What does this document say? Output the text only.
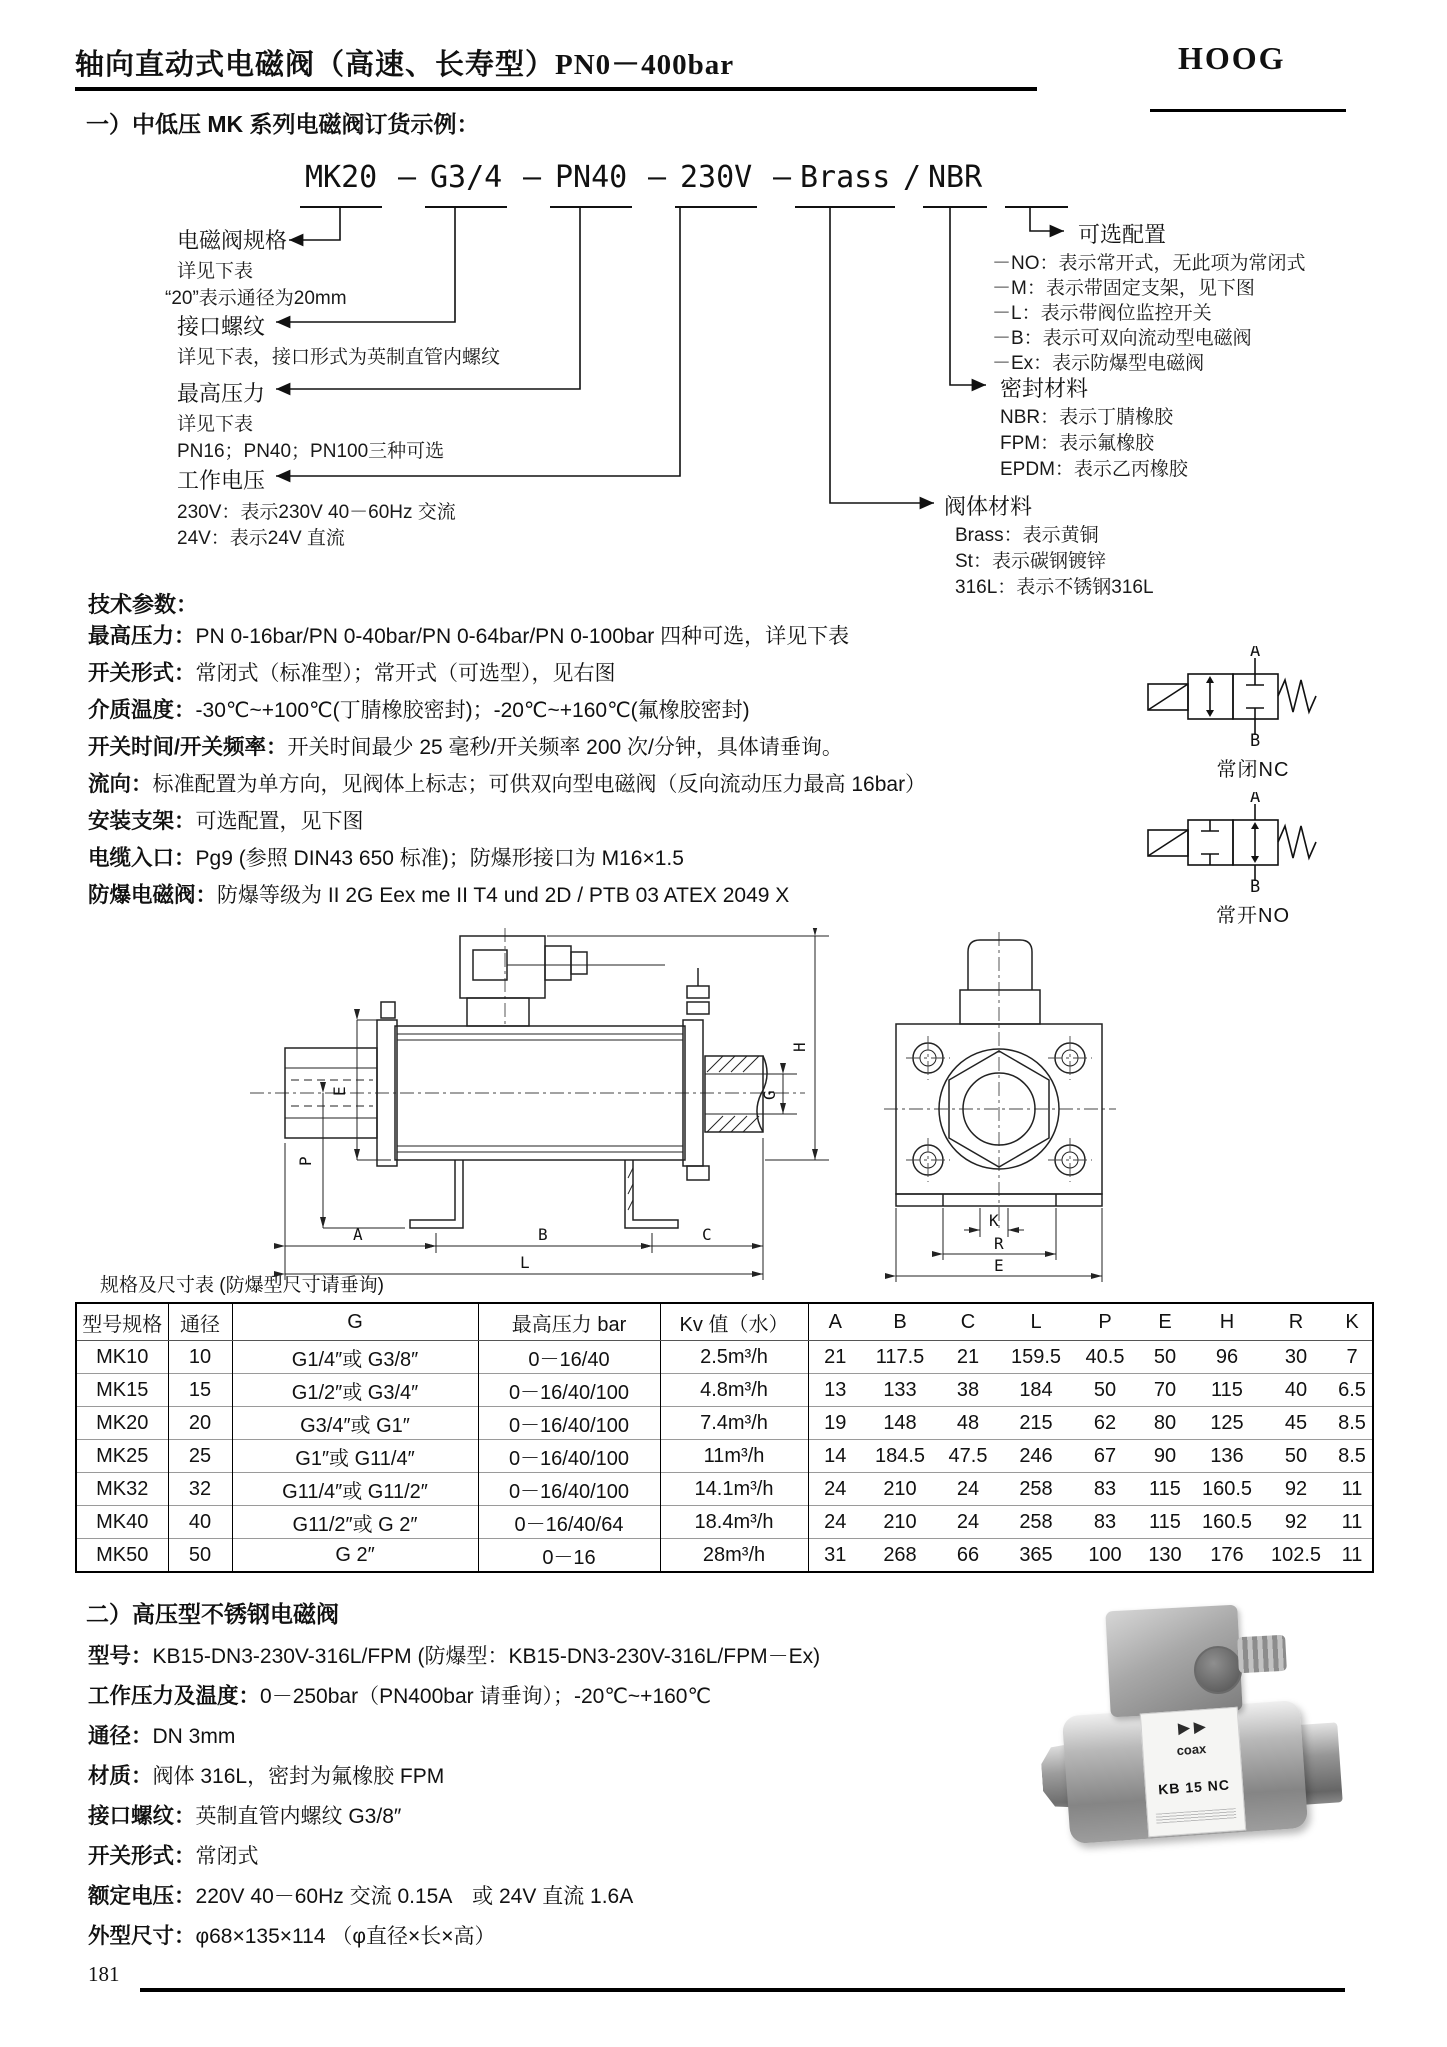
轴向直动式电磁阀（高速、长寿型）PN0－400bar	HOOG
一）中低压 MK 系列电磁阀订货示例：
MK20 – G3/4 – PN40 – 230V – Brass / NBR
电磁阀规格
详见下表
“20”表示通径为20mm
接口螺纹
详见下表，接口形式为英制直管内螺纹
最高压力
详见下表
PN16；PN40；PN100三种可选
工作电压
230V：表示230V 40－60Hz 交流
24V：表示24V 直流
可选配置
－NO：表示常开式，无此项为常闭式
－M：表示带固定支架，见下图
－L：表示带阀位监控开关
－B：表示可双向流动型电磁阀
－Ex：表示防爆型电磁阀
密封材料
NBR：表示丁腈橡胶
FPM：表示氟橡胶
EPDM：表示乙丙橡胶
阀体材料
Brass：表示黄铜
St：表示碳钢镀锌
316L：表示不锈钢316L
技术参数：
最高压力：PN 0-16bar/PN 0-40bar/PN 0-64bar/PN 0-100bar 四种可选，详见下表
开关形式：常闭式（标准型）；常开式（可选型），见右图
介质温度：-30℃~+100℃(丁腈橡胶密封)；-20℃~+160℃(氟橡胶密封)
开关时间/开关频率：开关时间最少 25 毫秒/开关频率 200 次/分钟，具体请垂询。
流向：标准配置为单方向，见阀体上标志；可供双向型电磁阀（反向流动压力最高 16bar）
安装支架：可选配置，见下图
电缆入口：Pg9 (参照 DIN43 650 标准)；防爆形接口为 M16×1.5
防爆电磁阀：防爆等级为 II 2G Eex me II T4 und 2D / PTB 03 ATEX 2049 X
A
B
常闭NC
A
B
常开NO
E
P
G
H
A	B	C
L
K
R
E
规格及尺寸表 (防爆型尺寸请垂询)
型号规格	通径	G	最高压力 bar	Kv 值（水）	A	B	C	L	P	E	H	R	K
MK10	10	G1/4″或 G3/8″	0－16/40	2.5m³/h	21	117.5	21	159.5	40.5	50	96	30	7
MK15	15	G1/2″或 G3/4″	0－16/40/100	4.8m³/h	13	133	38	184	50	70	115	40	6.5
MK20	20	G3/4″或 G1″	0－16/40/100	7.4m³/h	19	148	48	215	62	80	125	45	8.5
MK25	25	G1″或 G11/4″	0－16/40/100	11m³/h	14	184.5	47.5	246	67	90	136	50	8.5
MK32	32	G11/4″或 G11/2″	0－16/40/100	14.1m³/h	24	210	24	258	83	115	160.5	92	11
MK40	40	G11/2″或 G 2″	0－16/40/64	18.4m³/h	24	210	24	258	83	115	160.5	92	11
MK50	50	G 2″	0－16	28m³/h	31	268	66	365	100	130	176	102.5	11
二）高压型不锈钢电磁阀
型号：KB15-DN3-230V-316L/FPM (防爆型：KB15-DN3-230V-316L/FPM－Ex)
工作压力及温度：0－250bar（PN400bar 请垂询）；-20℃~+160℃
通径：DN 3mm
材质：阀体 316L，密封为氟橡胶 FPM
接口螺纹：英制直管内螺纹 G3/8″
开关形式：常闭式
额定电压：220V 40－60Hz 交流 0.15A　或 24V 直流 1.6A
外型尺寸：φ68×135×114 （φ直径×长×高）
►►
coax
KB 15 NC
181
